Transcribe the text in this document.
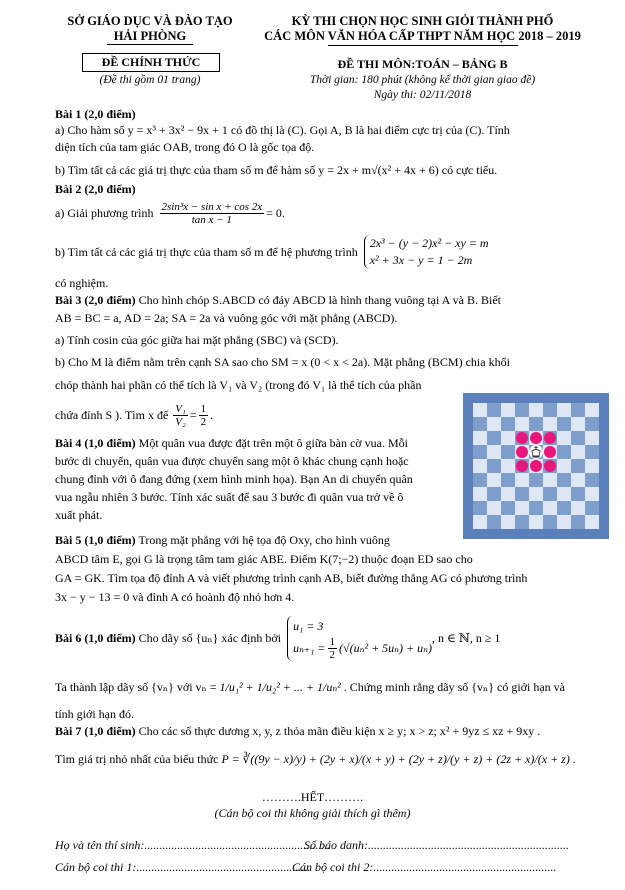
SỞ GIÁO DỤC VÀ ĐÀO TẠO
HẢI PHÒNG
ĐỀ CHÍNH THỨC
(Đề thi gồm 01 trang)
KỲ THI CHỌN HỌC SINH GIỎI THÀNH PHỐ
CÁC MÔN VĂN HÓA CẤP THPT NĂM HỌC 2018 – 2019
ĐỀ THI MÔN:TOÁN – BẢNG B
Thời gian: 180 phút (không kể thời gian giao đề)
Ngày thi: 02/11/2018
Bài 1 (2,0 điểm)
a) Cho hàm số y = x³ + 3x² − 9x + 1 có đồ thị là (C). Gọi A, B là hai điểm cực trị của (C). Tính
diện tích của tam giác OAB, trong đó O là gốc tọa độ.
b) Tìm tất cả các giá trị thực của tham số m để hàm số y = 2x + m√(x² + 4x + 6) có cực tiểu.
Bài 2 (2,0 điểm)
a) Giải phương trình $\frac{\text{2sin³x − sin x + cos 2x}}{\text{tan x − 1}} = 0$.
b) Tìm tất cả các giá trị thực của tham số m để hệ phương trình
2x³ − (y − 2)x² − xy = m
x² + 3x − y = 1 − 2m
có nghiệm.
Bài 3 (2,0 điểm) Cho hình chóp S.ABCD có đáy ABCD là hình thang vuông tại A và B. Biết
AB = BC = a, AD = 2a; SA = 2a và vuông góc với mặt phẳng (ABCD).
a) Tính cosin của góc giữa hai mặt phẳng (SBC) và (SCD).
b) Cho M là điểm nằm trên cạnh SA sao cho SM = x (0 < x < 2a). Mặt phẳng (BCM) chia khối
chóp thành hai phần có thể tích là V₁ và V₂ (trong đó V₁ là thể tích của phần
chứa đỉnh S ). Tìm x để $\frac{\text{V₁}}{\text{V₂}} = \frac{1}{2}$ .
Bài 4 (1,0 điểm) Một quân vua được đặt trên một ô giữa bàn cờ vua. Mỗi
bước di chuyển, quân vua được chuyển sang một ô khác chung cạnh hoặc
chung đỉnh với ô đang đứng (xem hình minh họa). Bạn An di chuyển quân
vua ngẫu nhiên 3 bước. Tính xác suất để sau 3 bước đi quân vua trở về ô
xuất phát.
Bài 5 (1,0 điểm) Trong mặt phẳng với hệ tọa độ Oxy, cho hình vuông
ABCD tâm E, gọi G là trọng tâm tam giác ABE. Điểm K(7;−2) thuộc đoạn ED sao cho
GA = GK. Tìm tọa độ đỉnh A và viết phương trình cạnh AB, biết đường thẳng AG có phương trình
3x − y − 13 = 0 và đỉnh A có hoành độ nhỏ hơn 4.
Bài 6 (1,0 điểm)
Cho dãy số {uₙ} xác định bởi
u₁ = 3
$u_{n+1} = \frac{1}{2} (√(u_n^2 + 5u_n) + u_n)$
, n ∈ ℕ, n ≥ 1
Ta thành lập dãy số {vₙ} với vₙ = 1/u₁² + 1/u₂² + ... + 1/uₙ² . Chứng minh rằng dãy số {vₙ} có giới hạn và
tính giới hạn đó.
Bài 7 (1,0 điểm) Cho các số thực dương x, y, z thỏa mãn điều kiện x ≥ y; x > z; x² + 9yz ≤ xz + 9xy .
Tìm giá trị nhỏ nhất của biểu thức P = ∛((9y − x)/y) + (2y + x)/(x + y) + (2y + z)/(y + z) + (2z + x)/(x + z) .
……….HẾT……….
(Cán bộ coi thi không giải thích gì thêm)
Họ và tên thí sinh:..............................................................
Số báo danh:...................................................................
Cán bộ coi thi 1:..........................................................
Cán bộ coi thi 2:.............................................................
